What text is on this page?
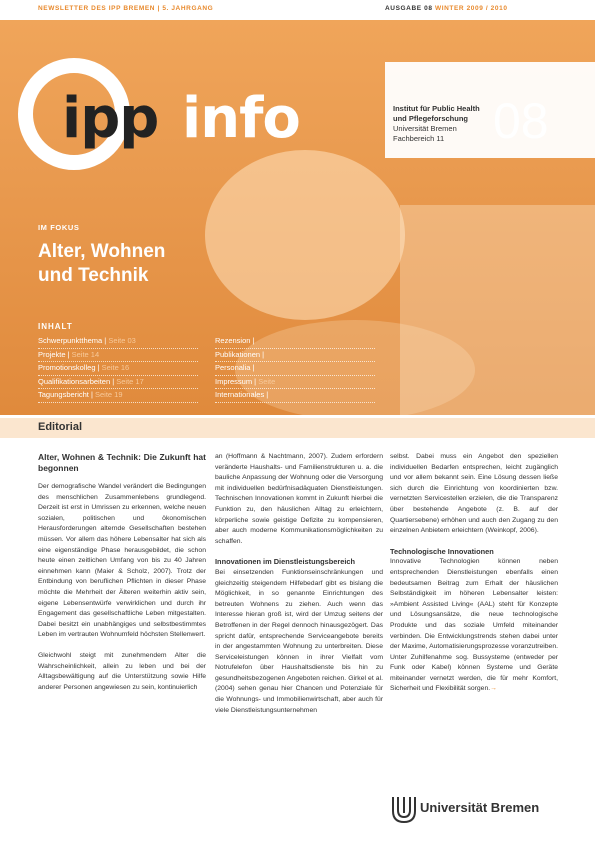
NEWSLETTER DES IPP BREMEN | 5. JAHRGANG	AUSGABE 08 WINTER 2009 / 2010
ipp info	Institut für Public Health
und Pflegeforschung
Universität Bremen
Fachbereich 11 08
IM FOKUS
Alter, Wohnen
und Technik
INHALT
Schwerpunktthema | Seite 03
Projekte | Seite 14
Promotionskolleg | Seite 16
Qualifikationsarbeiten | Seite 17
Tagungsbericht | Seite 19
Rezension |
Publikationen |
Personalia |
Impressum | Seite
Internationales |
Editorial
Alter, Wohnen & Technik: Die Zukunft hat begonnen

Der demografische Wandel verändert die Bedingungen des menschlichen Zusammenlebens grundlegend. Derzeit ist erst in Umrissen zu erkennen, welche neuen sozialen, politischen und ökonomischen Herausforderungen alternde Gesellschaften bestehen müssen. Vor allem das höhere Lebensalter hat sich als eine eigenständige Phase herausgebildet, die schon heute einen zeitlichen Umfang von bis zu 40 Jahren einnehmen kann (Maier & Scholz, 2007). Trotz der Entbindung von beruflichen Pflichten in dieser Phase möchte die Mehrheit der Älteren weiterhin aktiv sein, eigene Lebensentwürfe verwirklichen und durch ihr Engagement das gesellschaftliche Leben mitgestalten. Dabei besitzt ein unabhängiges und selbstbestimmtes Leben im vertrauten Wohnumfeld höchsten Stellenwert.

Gleichwohl steigt mit zunehmendem Alter die Wahrscheinlichkeit, allein zu leben und bei der Alltagsbewältigung auf die Unterstützung sowie Hilfe anderer Personen angewiesen zu sein, kontinuierlich

an (Hoffmann & Nachtmann, 2007). Zudem erfordern veränderte Haushalts- und Familienstrukturen u. a. die bauliche Anpassung der Wohnung oder die Versorgung mit individuellen bedürfnisadäquaten Dienstleistungen. Technischen Innovationen kommt in Zukunft hierbei die Funktion zu, den häuslichen Alltag zu erleichtern, körperliche sowie geistige Defizite zu kompensieren, aber auch moderne Kommunikationsmöglichkeiten zu schaffen.

Innovationen im Dienstleistungsbereich

Bei einsetzenden Funktionseinschränkungen und gleichzeitig steigendem Hilfebedarf gibt es bislang die Möglichkeit, in so genannte Einrichtungen des betreuten Wohnens zu ziehen. Auch wenn das Interesse hieran groß ist, wird der Umzug seitens der Betroffenen in der Regel dennoch hinausgezögert. Das spricht dafür, entsprechende Serviceangebote bereits in der angestammten Wohnung zu unterbreiten. Diese Serviceleistungen können in ihrer Vielfalt vom Notrufelefon über Haushaltsdienste bis hin zu gesundheitsbezogenen Angeboten reichen. Girkel et al. (2004) sehen genau hier Chancen und Potenziale für die Wohnungs- und Immobilienwirtschaft, aber auch für viele Dienstleistungsunternehmen

selbst. Dabei muss ein Angebot den speziellen individuellen Bedarfen entsprechen, leicht zugänglich und vor allem bekannt sein. Eine Lösung dessen ließe sich durch die Einrichtung von koordinierten bzw. vernetzten Servicestellen erzielen, die die Transparenz über bestehende Angebote (z. B. auf der Quartiersebene) erhöhen und auch den Zugang zu den einzelnen Anbietern erleichtern (Weinkopf, 2006).

Technologische Innovationen

Innovative Technologien können neben entsprechenden Dienstleistungen ebenfalls einen bedeutsamen Beitrag zum Erhalt der häuslichen Selbständigkeit im höheren Lebensalter leisten: »Ambient Assisted Living« (AAL) steht für Konzepte und Lösungsansätze, die neue technologische Produkte und das soziale Umfeld miteinander verbinden. Die Entwicklungstrends stehen dabei unter der Maxime, Automatisierungsprozesse voranzutreiben. Unter Zuhilfenahme sog. Bussysteme (entweder per Funk oder Kabel) können Systeme und Geräte miteinander vernetzt werden, die für mehr Komfort, Sicherheit und Flexibilität sorgen.→

Universität Bremen
